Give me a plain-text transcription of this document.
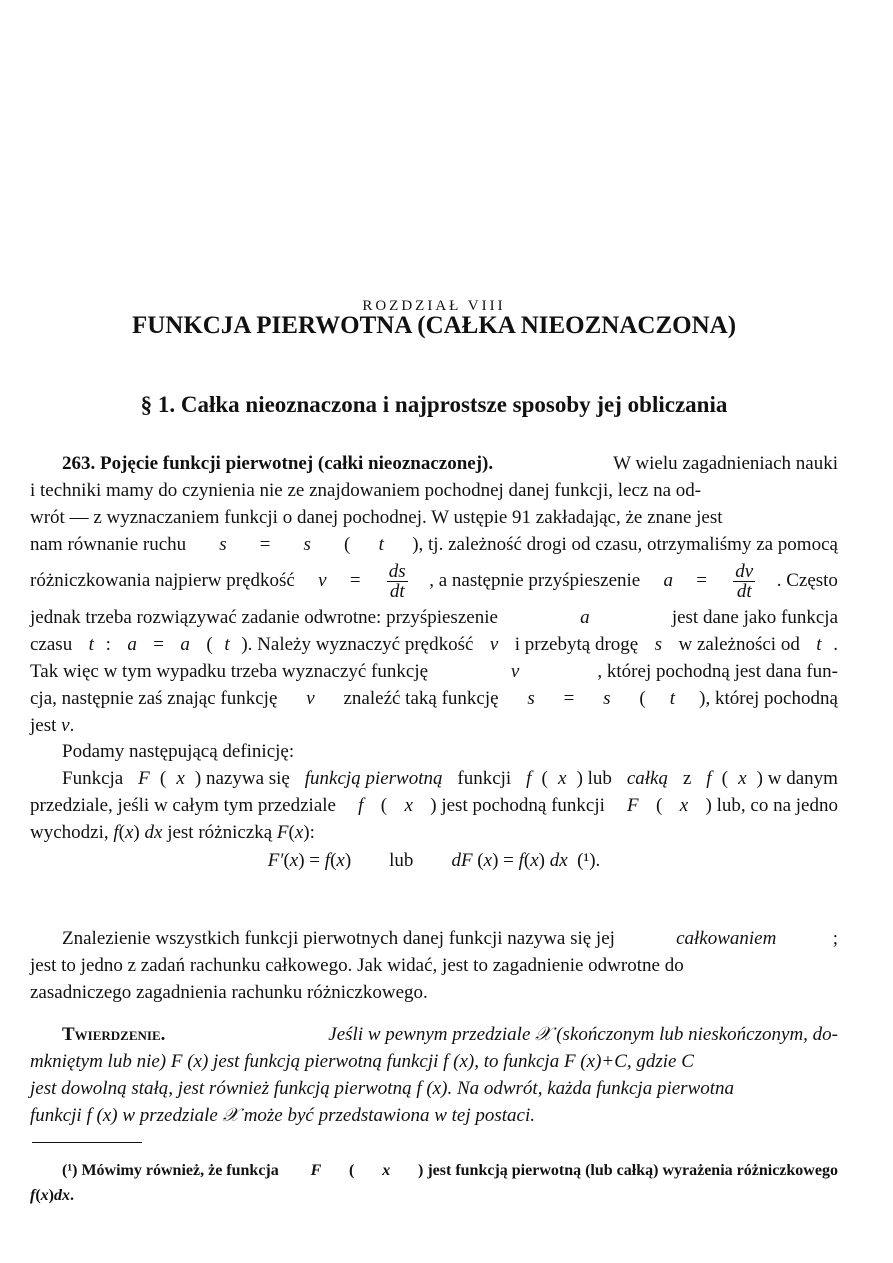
ROZDZIAŁ VIII
FUNKCJA PIERWOTNA (CAŁKA NIEOZNACZONA)
§ 1. Całka nieoznaczona i najprostsze sposoby jej obliczania
263. Pojęcie funkcji pierwotnej (całki nieoznaczonej).	W wielu zagadnieniach nauki
i techniki mamy do czynienia nie ze znajdowaniem pochodnej danej funkcji, lecz na od-
wrót — z wyznaczaniem funkcji o danej pochodnej. W ustępie 91 zakładając, że znane jest
nam równanie ruchu s = s ( t ), tj. zależność drogi od czasu, otrzymaliśmy za pomocą
różniczkowania najpierw prędkość $v = \frac{ds}{dt}$ , a następnie przyśpieszenie $a = \frac{dv}{dt}$ . Często
jednak trzeba rozwiązywać zadanie odwrotne: przyśpieszenie	a	jest dane jako funkcja
czasu t : a = a ( t ). Należy wyznaczyć prędkość v i przebytą drogę s w zależności od t .
Tak więc w tym wypadku trzeba wyznaczyć funkcję	v	, której pochodną jest dana fun-
cja, następnie zaś znając funkcję v znaleźć taką funkcję s = s ( t ), której pochodną
jest v .
Podamy następującą definicję:
Funkcja F ( x ) nazywa się funkcją pierwotną funkcji f ( x ) lub całką z f ( x ) w danym
przedziale, jeśli w całym tym przedziale f ( x ) jest pochodną funkcji F ( x ) lub, co na jedno
wychodzi, f ( x ) dx jest różniczką F ( x ):
F′(x) = f(x)        lub        dF (x) = f(x) dx  (¹).
Znalezienie wszystkich funkcji pierwotnych danej funkcji nazywa się jej	całkowaniem	;
jest to jedno z zadań rachunku całkowego. Jak widać, jest to zagadnienie odwrotne do
zasadniczego zagadnienia rachunku różniczkowego.
Twierdzenie.	Jeśli w pewnym przedziale 𝒳 (skończonym lub nieskończonym, do-
mkniętym lub nie) F (x) jest funkcją pierwotną funkcji f (x), to funkcja F (x)+C, gdzie C
jest dowolną stałą, jest również funkcją pierwotną f (x). Na odwrót, każda funkcja pierwotna
funkcji f (x) w przedziale 𝒳 może być przedstawiona w tej postaci.
(¹) Mówimy również, że funkcja F ( x ) jest funkcją pierwotną (lub całką) wyrażenia różniczkowego
f ( x ) dx .
